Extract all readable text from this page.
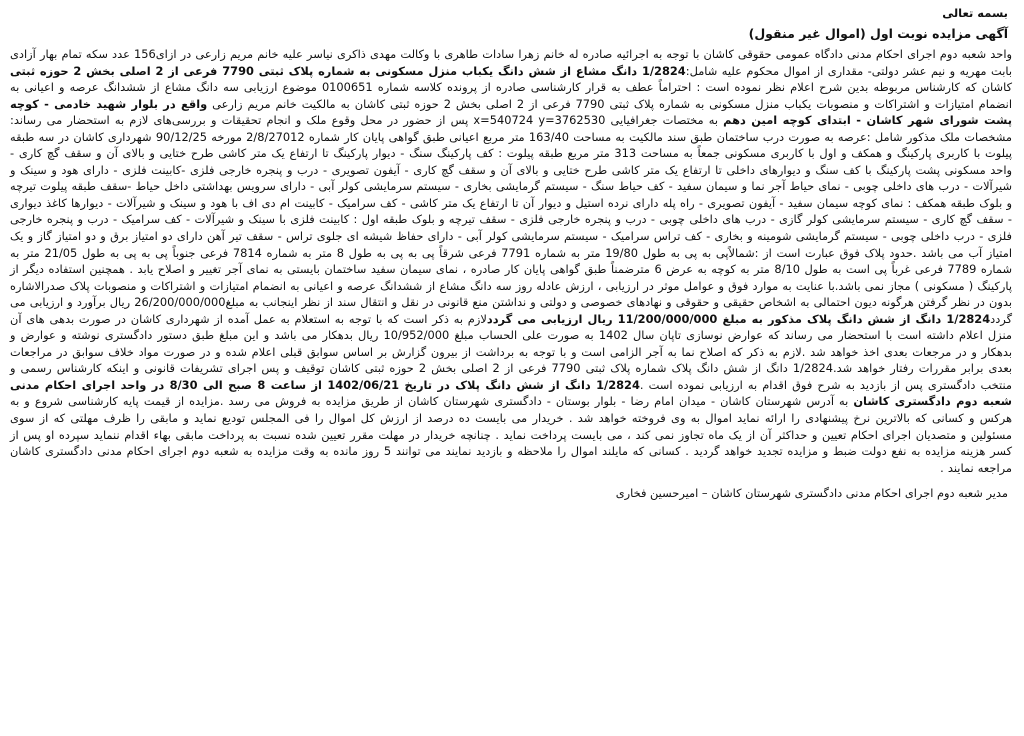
بسمه تعالی
آگهی مزایده نوبت اول (اموال غیر منقول)

واحد شعبه دوم اجرای احکام مدنی دادگاه عمومی حقوقی کاشان با توجه به اجرائیه صادره له خانم زهرا سادات طاهری با وکالت مهدی ذاکری نیاسر علیه خانم مریم زارعی در ازای156 عدد سکه تمام بهار آزادی بابت مهریه و نیم عشر دولتی- مقداری از اموال محکوم علیه شامل:1/2824 دانگ مشاع از شش دانگ یکباب منزل مسکونی به شماره پلاک ثبتی 7790 فرعی از 2 اصلی بخش 2 حوزه ثبتی کاشان که کارشناس مربوطه بدین شرح اعلام نظر نموده است : احتراماً عطف به قرار کارشناسی صادره از پرونده کلاسه شماره 0100651 موضوع ارزیابی سه دانگ مشاع از ششدانگ عرصه و اعیانی به انضمام امتیازات و اشتراکات و منصوبات یکباب منزل مسکونی به شماره پلاک ثبتی 7790 فرعی از 2 اصلی بخش 2 حوزه ثبتی کاشان به مالکیت خانم مریم زارعی واقع در بلوار شهید خادمی - کوچه پشت شورای شهر کاشان - ابتدای کوچه امین دهم به مختصات جغرافیایی x=540724 y=3762530 پس از حضور در محل وقوع ملک و انجام تحقیقات و بررسی‌های لازم به استحضار می رساند: مشخصات ملک مذکور شامل :عرصه به صورت درب ساختمان طبق سند مالکیت به مساحت 163/40 متر مربع اعیانی طبق گواهی پایان کار شماره 2/8/27012 مورخه 90/12/25 شهرداری کاشان در سه طبقه پیلوت با کاربری پارکینگ و همکف و اول با کاربری مسکونی جمعاً به مساحت 313 متر مربع طبقه پیلوت : کف پارکینگ سنگ - دیوار پارکینگ تا ارتفاع یک متر کاشی طرح ختایی و بالای آن و سقف گچ کاری - واحد مسکونی پشت پارکینگ با کف سنگ و دیوارهای داخلی تا ارتفاع یک متر کاشی طرح ختایی و بالای آن و سقف گچ کاری - آیفون تصویری - درب و پنجره خارجی فلزی -کابینت فلزی - دارای هود و سینک و شیرآلات - درب های داخلی چوبی - نمای حیاط آجر نما و سیمان سفید - کف حیاط سنگ - سیستم گرمایشی بخاری - سیستم سرمایشی کولر آبی - دارای سرویس بهداشتی داخل حیاط -سقف طبقه پیلوت تیرچه و بلوک طبقه همکف : نمای کوچه سیمان سفید - آیفون تصویری - راه پله دارای نرده استیل و دیوار آن تا ارتفاع یک متر کاشی - کف سرامیک - کابینت ام دی اف با هود و سینک و شیرآلات - دیوارها کاغذ دیواری - سقف گچ کاری - سیستم سرمایشی کولر گازی - درب های داخلی چوبی - درب و پنجره خارجی فلزی - سقف تیرچه و بلوک طبقه اول : کابینت فلزی با سینک و شیرآلات - کف سرامیک - درب و پنجره خارجی فلزی - درب داخلی چوبی - سیستم گرمایشی شومینه و بخاری - کف تراس سرامیک - سیستم سرمایشی کولر آبی - دارای حفاظ شیشه ای جلوی تراس - سقف تیر آهن دارای دو امتیاز برق و دو امتیاز گاز و یک امتیاز آب می باشد .حدود پلاک فوق عبارت است از :شمالاًپی به پی به طول 19/80 متر به شماره 7791 فرعی شرقاً پی به پی به طول 8 متر به شماره 7814 فرعی جنوباً پی به پی به طول 21/05 متر به شماره 7789 فرعی غرباً پی است به طول 8/10 متر به کوچه به عرض 6 مترضمناً طبق گواهی پایان کار صادره ، نمای سیمان سفید ساختمان بایستی به نمای آجر تغییر و اصلاح یابد . همچنین استفاده دیگر از پارکینگ ( مسکونی ) مجاز نمی باشد.با عنایت به موارد فوق و عوامل موثر در ارزیابی ، ارزش عادله روز سه دانگ مشاع از ششدانگ عرصه و اعیانی به انضمام امتیازات و اشتراکات و منصوبات پلاک صدرالاشاره بدون در نظر گرفتن هرگونه دیون احتمالی به اشخاص حقیقی و حقوقی و نهادهای خصوصی و دولتی و نداشتن منع قانونی در نقل و انتقال سند از نظر اینجانب به مبلغ26/200/000/000 ریال برآورد و ارزیابی می گردد1/2824 دانگ از شش دانگ پلاک مذکور به مبلغ 11/200/000/000 ریال ارزیابی می گرددلازم به ذکر است که با توجه به استعلام به عمل آمده از شهرداری کاشان در صورت بدهی های آن منزل اعلام داشته است با استحضار می رساند که عوارض نوسازی تاپان سال 1402 به صورت علی الحساب مبلغ 10/952/000 ریال بدهکار می باشد و این مبلغ طبق دستور دادگستری نوشته و عوارض و بدهکار و در مرجعات بعدی اخذ خواهد شد .لازم به ذکر که اصلاح نما به آجر الزامی است و با توجه به برداشت از بیرون گزارش بر اساس سوابق قبلی اعلام شده و در صورت مواد خلاف سوابق در مراجعات بعدی برابر مقررات رفتار خواهد شد.1/2824 دانگ از شش دانگ پلاک شماره پلاک ثبتی 7790 فرعی از 2 اصلی بخش 2 حوزه ثبتی کاشان توقیف و پس اجرای تشریفات قانونی و اینکه کارشناس رسمی و منتخب دادگستری پس از بازدید به شرح فوق اقدام به ارزیابی نموده است .1/2824 دانگ از شش دانگ پلاک در تاریخ 1402/06/21 از ساعت 8 صبح الی 8/30 در واحد اجرای احکام مدنی شعبه دوم دادگستری کاشان به آدرس شهرستان کاشان - میدان امام رضا - بلوار بوستان - دادگستری شهرستان کاشان از طریق مزایده به فروش می رسد .مزایده از قیمت پایه کارشناسی شروع و به هرکس و کسانی که بالاترین نرخ پیشنهادی را ارائه نماید اموال به وی فروخته خواهد شد . خریدار می بایست ده درصد از ارزش کل اموال را فی المجلس تودیع نماید و مابقی را ظرف مهلتی که از سوی مسئولین و متصدیان اجرای احکام تعیین و حداکثر آن از یک ماه تجاوز نمی کند ، می بایست پرداخت نماید . چنانچه خریدار در مهلت مقرر تعیین شده نسبت به پرداخت مابقی بهاء اقدام ننماید سپرده او پس از کسر هزینه مزایده به نفع دولت ضبط و مزایده تجدید خواهد گردید . کسانی که مایلند اموال را ملاحظه و بازدید نمایند می توانند 5 روز مانده به وقت مزایده به شعبه دوم اجرای احکام مدنی دادگستری کاشان مراجعه نمایند .

مدیر شعبه دوم اجرای احکام مدنی دادگستری شهرستان کاشان – امیرحسین فخاری
